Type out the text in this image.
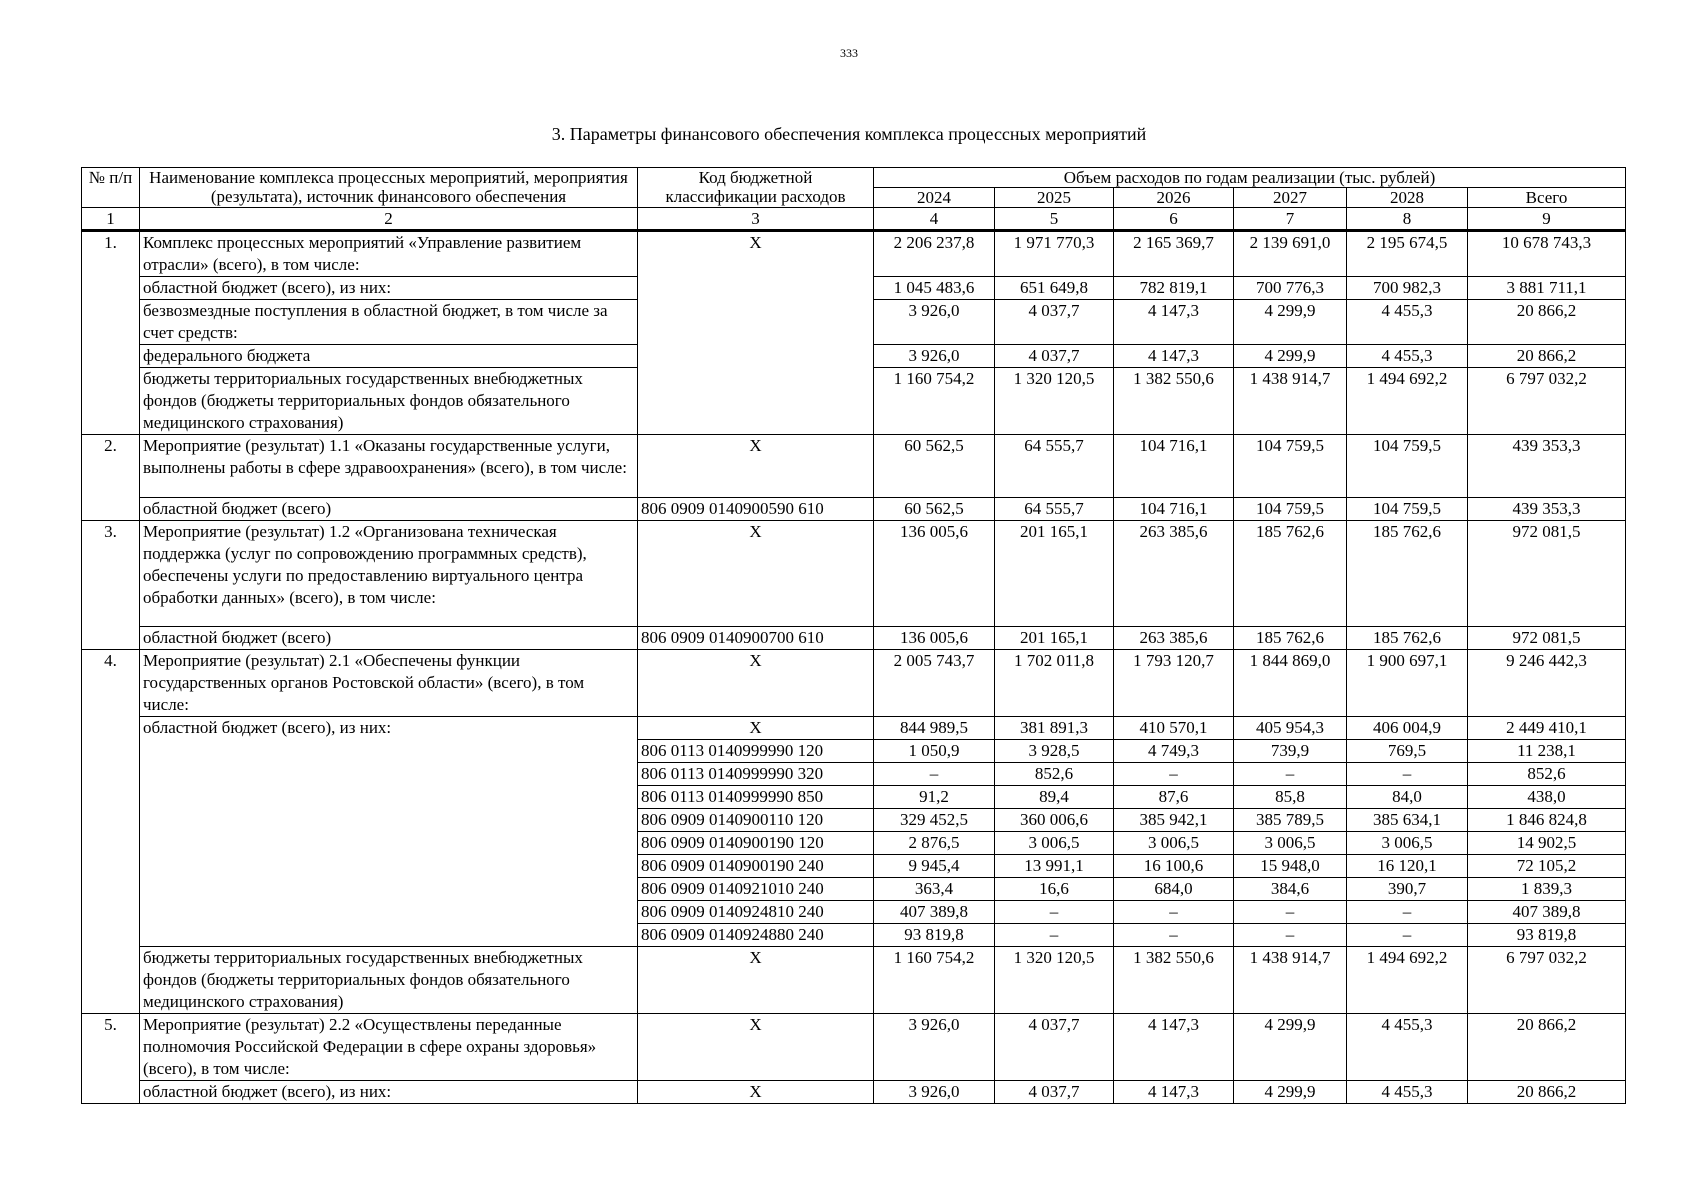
333
3. Параметры финансового обеспечения комплекса процессных мероприятий
№ п/п	Наименование комплекса процессных мероприятий, мероприятия (результата), источник финансового обеспечения	Код бюджетной классификации расходов	Объем расходов по годам реализации (тыс. рублей)					
			2024	2025	2026	2027	2028	Всего
1	2	3	4	5	6	7	8	9
1.	Комплекс процессных мероприятий «Управление развитием отрасли» (всего), в том числе:	X	2 206 237,8	1 971 770,3	2 165 369,7	2 139 691,0	2 195 674,5	10 678 743,3
	областной бюджет (всего), из них:		1 045 483,6	651 649,8	782 819,1	700 776,3	700 982,3	3 881 711,1
	безвозмездные поступления в областной бюджет, в том числе за счет средств:		3 926,0	4 037,7	4 147,3	4 299,9	4 455,3	20 866,2
	федерального бюджета		3 926,0	4 037,7	4 147,3	4 299,9	4 455,3	20 866,2
	бюджеты территориальных государственных внебюджетных фондов (бюджеты территориальных фондов обязательного медицинского страхования)		1 160 754,2	1 320 120,5	1 382 550,6	1 438 914,7	1 494 692,2	6 797 032,2
2.	Мероприятие (результат) 1.1 «Оказаны государственные услуги, выполнены работы в сфере здравоохранения» (всего), в том числе:	X	60 562,5	64 555,7	104 716,1	104 759,5	104 759,5	439 353,3
	областной бюджет (всего)	806 0909 0140900590 610	60 562,5	64 555,7	104 716,1	104 759,5	104 759,5	439 353,3
3.	Мероприятие (результат) 1.2 «Организована техническая поддержка (услуг по сопровождению программных средств), обеспечены услуги по предоставлению виртуального центра обработки данных» (всего), в том числе:	X	136 005,6	201 165,1	263 385,6	185 762,6	185 762,6	972 081,5
	областной бюджет (всего)	806 0909 0140900700 610	136 005,6	201 165,1	263 385,6	185 762,6	185 762,6	972 081,5
4.	Мероприятие (результат) 2.1 «Обеспечены функции государственных органов Ростовской области» (всего), в том числе:	X	2 005 743,7	1 702 011,8	1 793 120,7	1 844 869,0	1 900 697,1	9 246 442,3
	областной бюджет (всего), из них:	X	844 989,5	381 891,3	410 570,1	405 954,3	406 004,9	2 449 410,1
		806 0113 0140999990 120	1 050,9	3 928,5	4 749,3	739,9	769,5	11 238,1
		806 0113 0140999990 320	–	852,6	–	–	–	852,6
		806 0113 0140999990 850	91,2	89,4	87,6	85,8	84,0	438,0
		806 0909 0140900110 120	329 452,5	360 006,6	385 942,1	385 789,5	385 634,1	1 846 824,8
		806 0909 0140900190 120	2 876,5	3 006,5	3 006,5	3 006,5	3 006,5	14 902,5
		806 0909 0140900190 240	9 945,4	13 991,1	16 100,6	15 948,0	16 120,1	72 105,2
		806 0909 0140921010 240	363,4	16,6	684,0	384,6	390,7	1 839,3
		806 0909 0140924810 240	407 389,8	–	–	–	–	407 389,8
		806 0909 0140924880 240	93 819,8	–	–	–	–	93 819,8
	бюджеты территориальных государственных внебюджетных фондов (бюджеты территориальных фондов обязательного медицинского страхования)	X	1 160 754,2	1 320 120,5	1 382 550,6	1 438 914,7	1 494 692,2	6 797 032,2
5.	Мероприятие (результат) 2.2 «Осуществлены переданные полномочия Российской Федерации в сфере охраны здоровья» (всего), в том числе:	X	3 926,0	4 037,7	4 147,3	4 299,9	4 455,3	20 866,2
	областной бюджет (всего), из них:	X	3 926,0	4 037,7	4 147,3	4 299,9	4 455,3	20 866,2
